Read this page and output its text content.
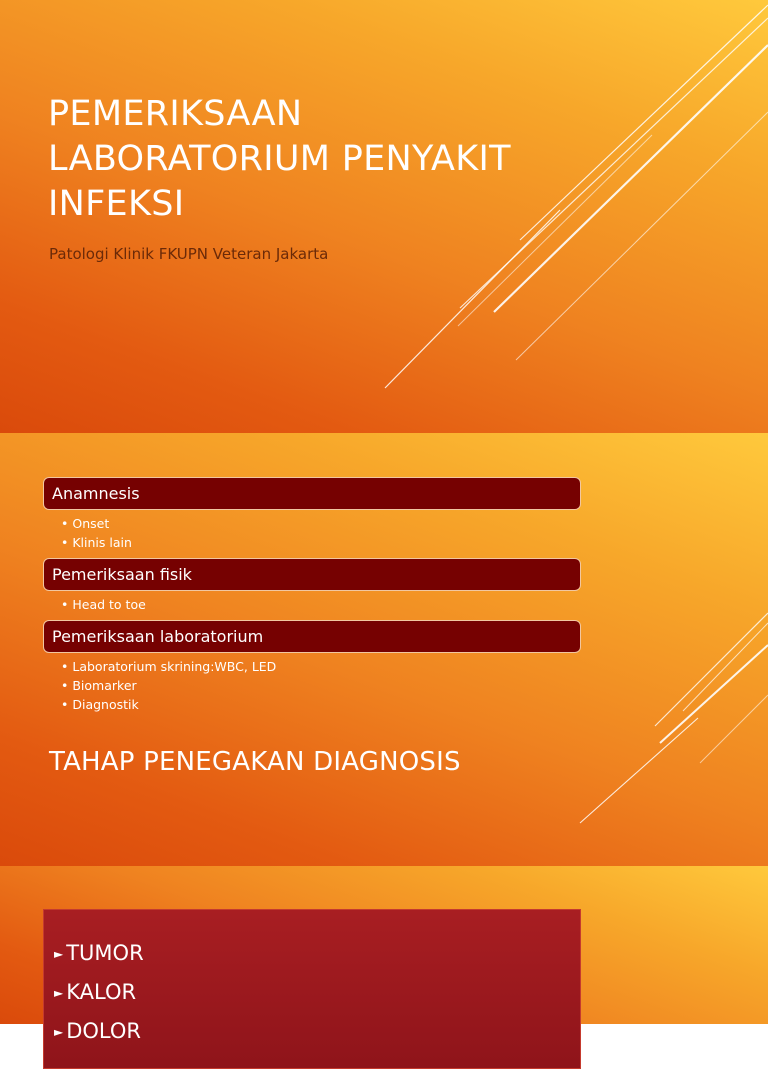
PEMERIKSAAN
LABORATORIUM PENYAKIT
INFEKSI

Patologi Klinik FKUPN Veteran Jakarta

Anamnesis
• Onset
• Klinis lain
Pemeriksaan fisik
• Head to toe
Pemeriksaan laboratorium
• Laboratorium skrining:WBC, LED
• Biomarker
• Diagnostik
TAHAP PENEGAKAN DIAGNOSIS
► TUMOR
► KALOR
► DOLOR
